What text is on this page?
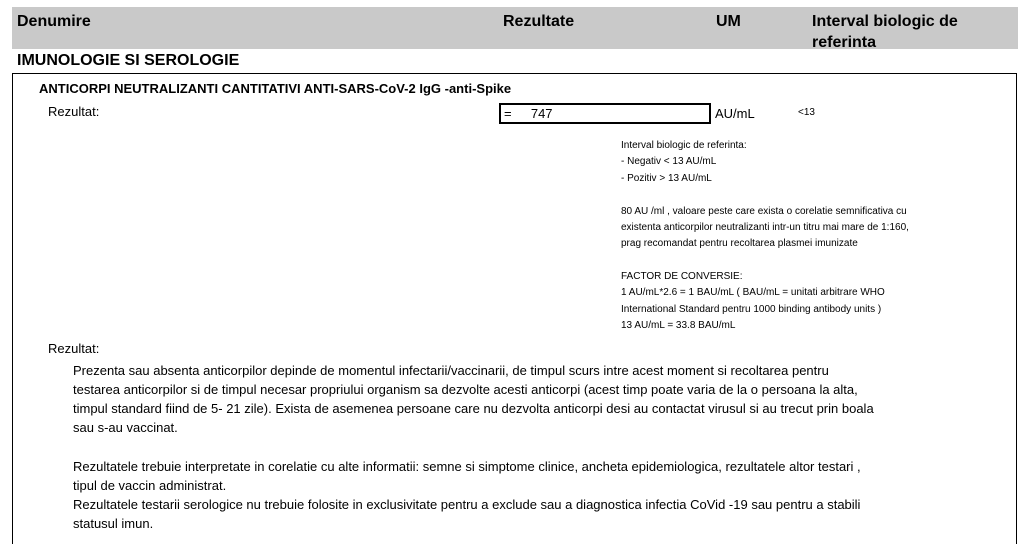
Denumire	Rezultate	UM	Interval biologic de
referinta
IMUNOLOGIE SI SEROLOGIE
ANTICORPI NEUTRALIZANTI CANTITATIVI ANTI-SARS-CoV-2 IgG -anti-Spike
Rezultat:	= 747	AU/mL	<13
Interval biologic de referinta:
- Negativ < 13 AU/mL
- Pozitiv > 13 AU/mL
80 AU /ml , valoare peste care exista o corelatie semnificativa cu
existenta anticorpilor neutralizanti intr-un titru mai mare de 1:160,
prag recomandat pentru recoltarea plasmei imunizate
FACTOR DE CONVERSIE:
1 AU/mL*2.6 = 1 BAU/mL ( BAU/mL = unitati arbitrare WHO
International Standard pentru 1000 binding antibody units )
13 AU/mL = 33.8 BAU/mL
Rezultat:
Prezenta sau absenta anticorpilor depinde de momentul infectarii/vaccinarii, de timpul scurs intre acest moment si recoltarea pentru
testarea anticorpilor si de timpul necesar propriului organism sa dezvolte acesti anticorpi (acest timp poate varia de la o persoana la alta,
timpul standard fiind de 5- 21 zile). Exista de asemenea persoane care nu dezvolta anticorpi desi au contactat virusul si au trecut prin boala
sau s-au vaccinat.
Rezultatele trebuie interpretate in corelatie cu alte informatii: semne si simptome clinice, ancheta epidemiologica, rezultatele altor testari ,
tipul de vaccin administrat.
Rezultatele testarii serologice nu trebuie folosite in exclusivitate pentru a exclude sau a diagnostica infectia CoVid -19 sau pentru a stabili
statusul imun.
